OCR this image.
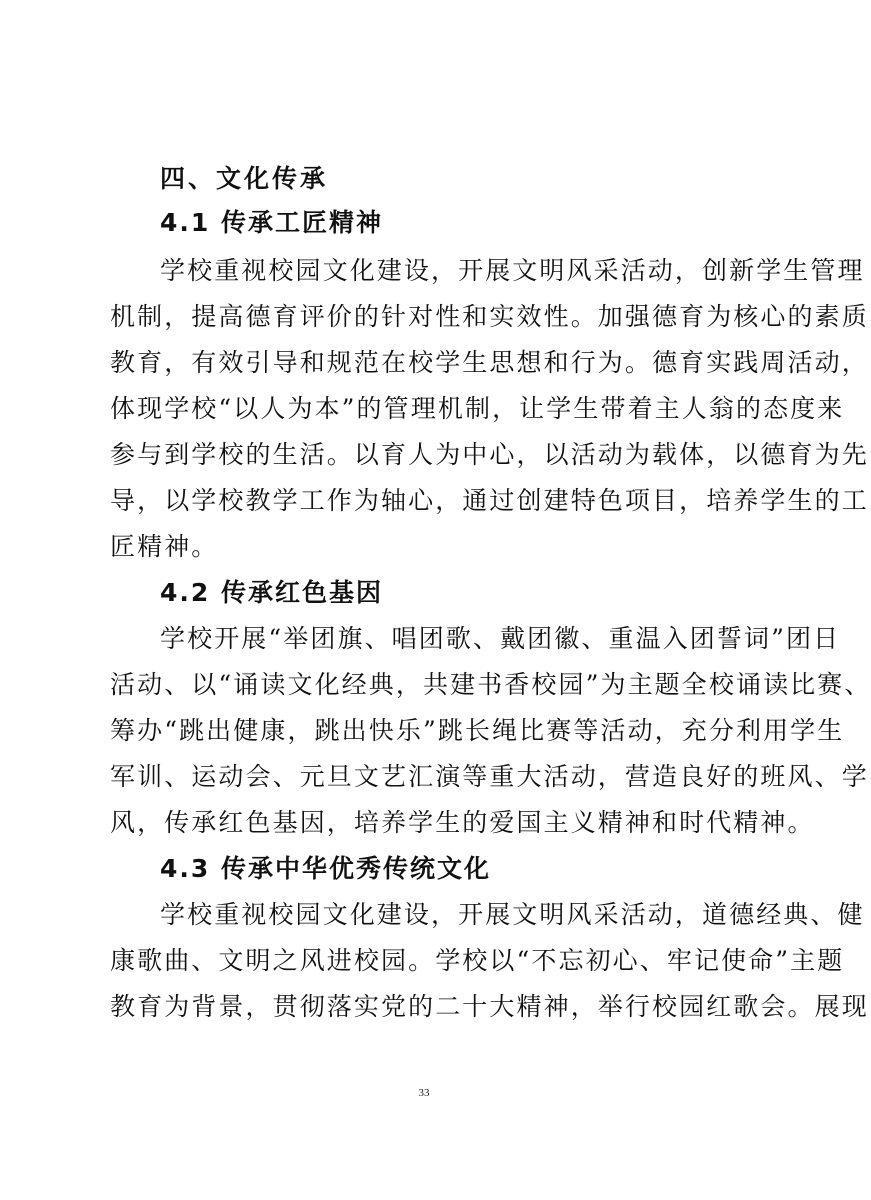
四、文化传承
4.1 传承工匠精神
学校重视校园文化建设，开展文明风采活动，创新学生管理
机制，提高德育评价的针对性和实效性。加强德育为核心的素质
教育，有效引导和规范在校学生思想和行为。德育实践周活动，
体现学校“以人为本”的管理机制，让学生带着主人翁的态度来
参与到学校的生活。以育人为中心，以活动为载体，以德育为先
导，以学校教学工作为轴心，通过创建特色项目，培养学生的工
匠精神。
4.2 传承红色基因
学校开展“举团旗、唱团歌、戴团徽、重温入团誓词”团日
活动、以“诵读文化经典，共建书香校园”为主题全校诵读比赛、
筹办“跳出健康，跳出快乐”跳长绳比赛等活动，充分利用学生
军训、运动会、元旦文艺汇演等重大活动，营造良好的班风、学
风，传承红色基因，培养学生的爱国主义精神和时代精神。
4.3 传承中华优秀传统文化
学校重视校园文化建设，开展文明风采活动，道德经典、健
康歌曲、文明之风进校园。学校以“不忘初心、牢记使命”主题
教育为背景，贯彻落实党的二十大精神，举行校园红歌会。展现
33
